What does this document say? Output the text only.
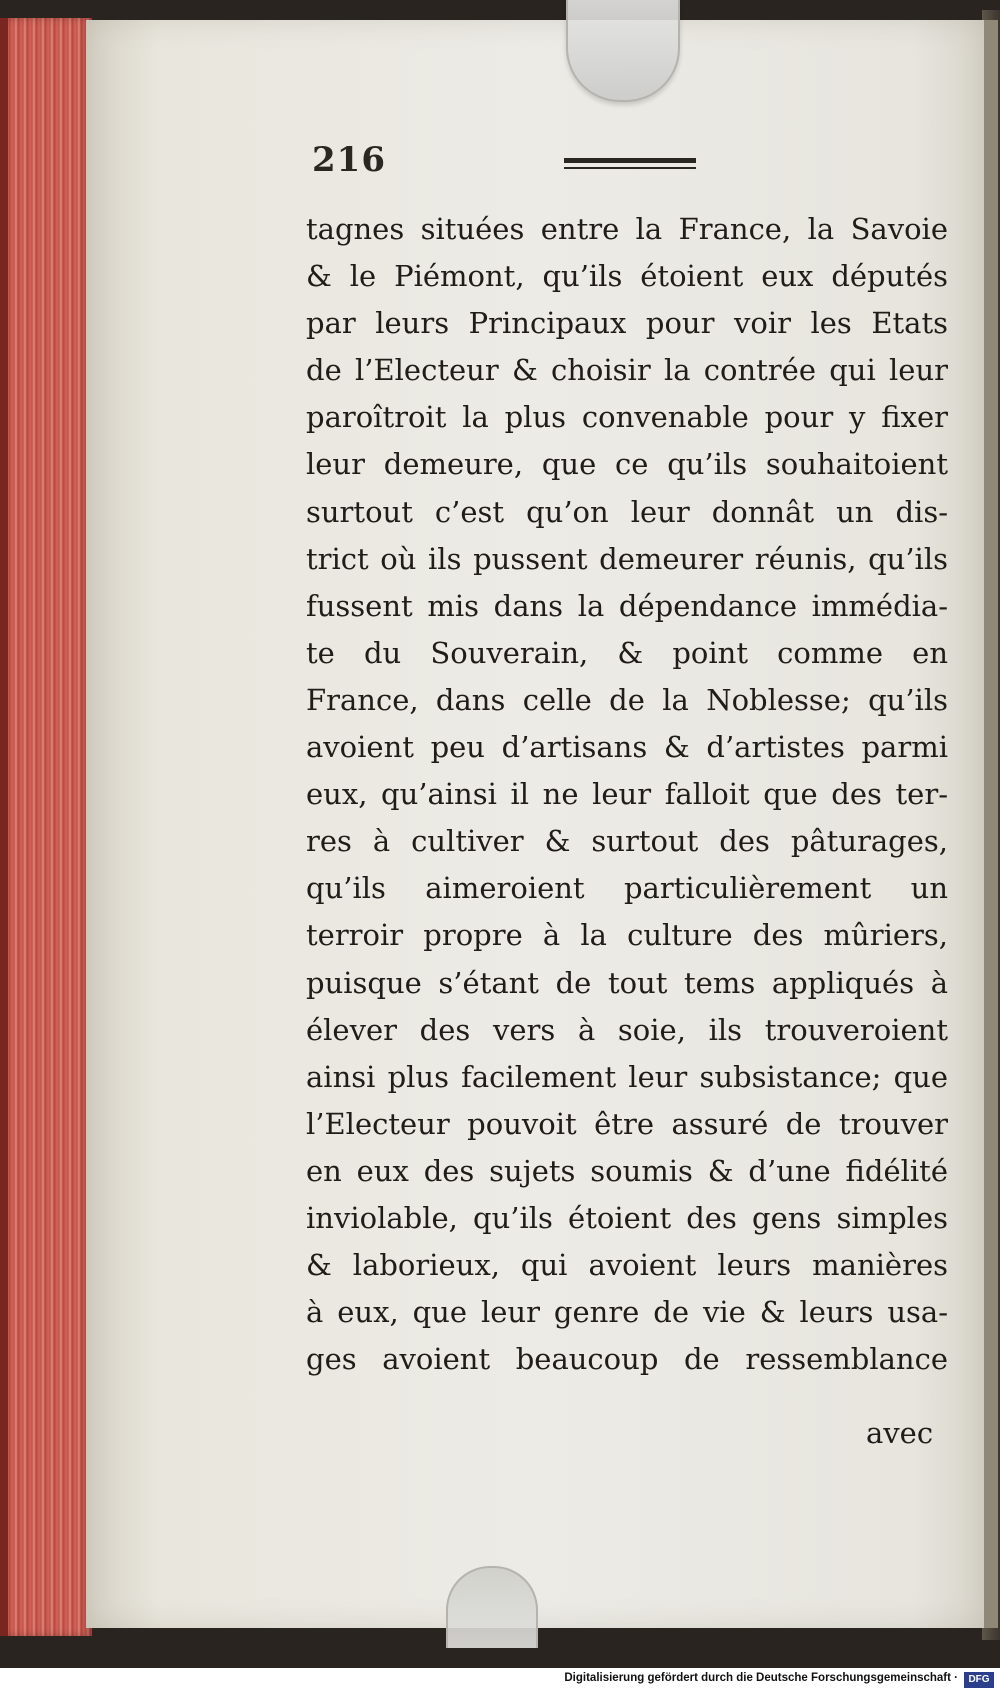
216
tagnes situées entre la France, la Savoie
& le Piémont, qu’ils étoient eux députés
par leurs Principaux pour voir les Etats
de l’Electeur & choisir la contrée qui leur
paroîtroit la plus convenable pour y fixer
leur demeure, que ce qu’ils souhaitoient
surtout c’est qu’on leur donnât un dis-
trict où ils pussent demeurer réunis, qu’ils
fussent mis dans la dépendance immédia-
te du Souverain, & point comme en
France, dans celle de la Noblesse; qu’ils
avoient peu d’artisans & d’artistes parmi
eux, qu’ainsi il ne leur falloit que des ter-
res à cultiver & surtout des pâturages,
qu’ils aimeroient particulièrement un
terroir propre à la culture des mûriers,
puisque s’étant de tout tems appliqués à
élever des vers à soie, ils trouveroient
ainsi plus facilement leur subsistance; que
l’Electeur pouvoit être assuré de trouver
en eux des sujets soumis & d’une fidélité
inviolable, qu’ils étoient des gens simples
& laborieux, qui avoient leurs manières
à eux, que leur genre de vie & leurs usa-
ges avoient beaucoup de ressemblance
avec
Digitalisierung gefördert durch die Deutsche Forschungsgemeinschaft ·	DFG
